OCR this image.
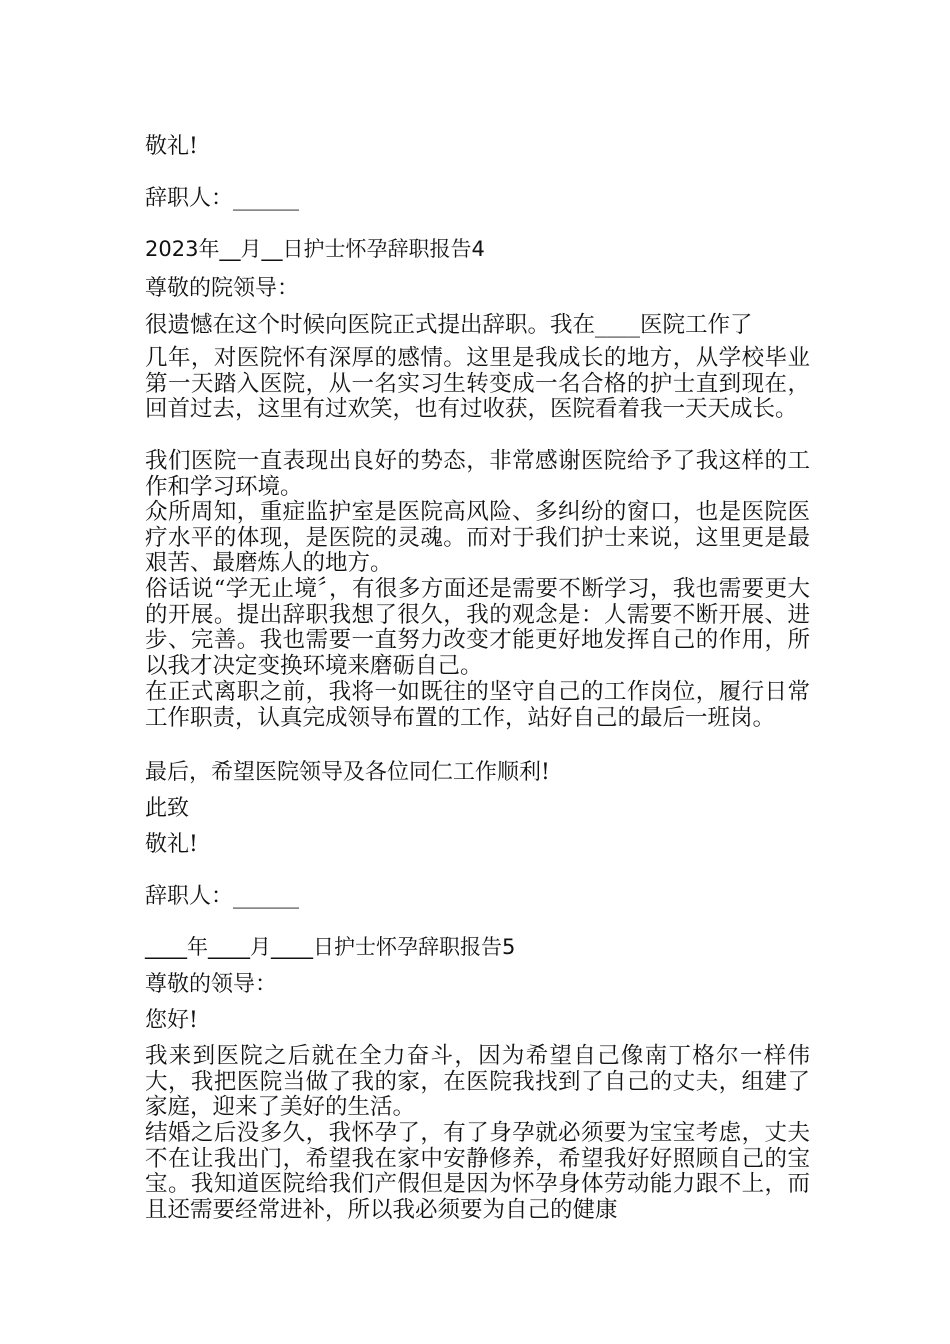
敬礼!
辞职人：______
2023年__月__日护士怀孕辞职报告4
尊敬的院领导：
很遗憾在这个时候向医院正式提出辞职。我在____医院工作了
几年，对医院怀有深厚的感情。这里是我成长的地方，从学校毕业第一天踏入医院，从一名实习生转变成一名合格的护士直到现在，回首过去，这里有过欢笑，也有过收获，医院看着我一天天成长。
我们医院一直表现出良好的势态，非常感谢医院给予了我这样的工作和学习环境。
众所周知，重症监护室是医院高风险、多纠纷的窗口，也是医院医疗水平的体现，是医院的灵魂。而对于我们护士来说，这里更是最艰苦、最磨炼人的地方。
俗话说“学无止境〞，有很多方面还是需要不断学习，我也需要更大的开展。提出辞职我想了很久，我的观念是：人需要不断开展、进步、完善。我也需要一直努力改变才能更好地发挥自己的作用，所以我才决定变换环境来磨砺自己。
在正式离职之前，我将一如既往的坚守自己的工作岗位，履行日常工作职责，认真完成领导布置的工作，站好自己的最后一班岗。
最后，希望医院领导及各位同仁工作顺利!
此致
敬礼!
辞职人：______
____年____月____日护士怀孕辞职报告5
尊敬的领导：
您好!
我来到医院之后就在全力奋斗，因为希望自己像南丁格尔一样伟大，我把医院当做了我的家，在医院我找到了自己的丈夫，组建了家庭，迎来了美好的生活。
结婚之后没多久，我怀孕了，有了身孕就必须要为宝宝考虑，丈夫不在让我出门，希望我在家中安静修养，希望我好好照顾自己的宝宝。我知道医院给我们产假但是因为怀孕身体劳动能力跟不上，而且还需要经常进补，所以我必须要为自己的健康
